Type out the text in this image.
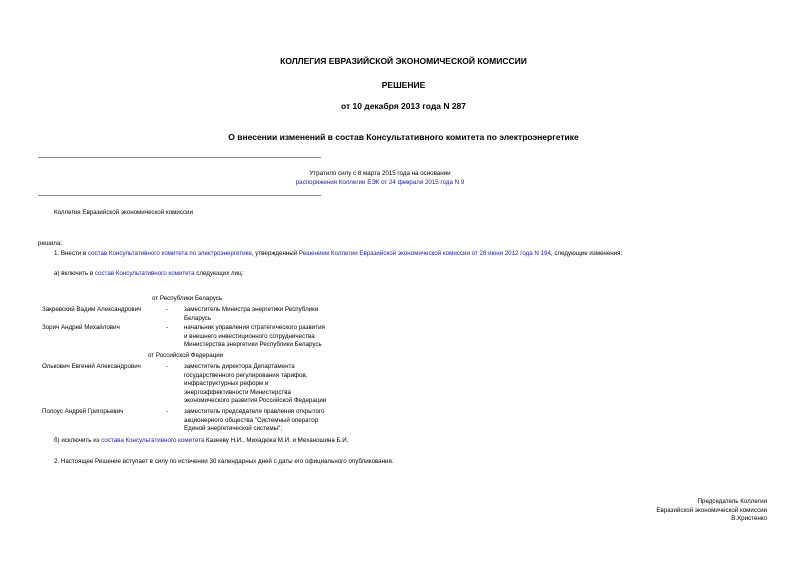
КОЛЛЕГИЯ ЕВРАЗИЙСКОЙ ЭКОНОМИЧЕСКОЙ КОМИССИИ
РЕШЕНИЕ
от 10 декабря 2013 года N 287
О внесении изменений в состав Консультативного комитета по электроэнергетике
Утратило силу с 8 марта 2015 года на основании
распоряжения Коллегии ЕЭК от 24 февраля 2015 года N 9
Коллегия Евразийской экономической комиссии
решила:
1. Внести в состав Консультативного комитета по электроэнергетике, утвержденный Решением Коллегии Евразийской экономической комиссии от 28 июня 2012 года N 194, следующие изменения:
а) включить в состав Консультативного комитета следующих лиц:
от Республики Беларусь
Закревский Вадим Александрович	-	заместитель Министра энергетики Республики
Беларусь
Зорич Андрей Михайлович	-	начальник управления стратегического развития
и внешнего инвестиционного сотрудничества
Министерства энергетики Республики Беларусь
от Российской Федерации
Олькович Евгений Александрович	-	заместитель директора Департамента
государственного регулирования тарифов,
инфраструктурных реформ и
энергоэффективности Министерства
экономического развития Российской Федерации
Полоус Андрей Григорьевич	-	заместитель председателя правления открытого
акционерного общества "Системный оператор
Единой энергетической системы";
б) исключить из состава Консультативного комитета Казееву Н.И., Михадюка М.И. и Механошина Б.И.
2. Настоящее Решение вступает в силу по истечении 30 календарных дней с даты его официального опубликования.
Председатель Коллегии
Евразийской экономической комиссии
В.Христенко
